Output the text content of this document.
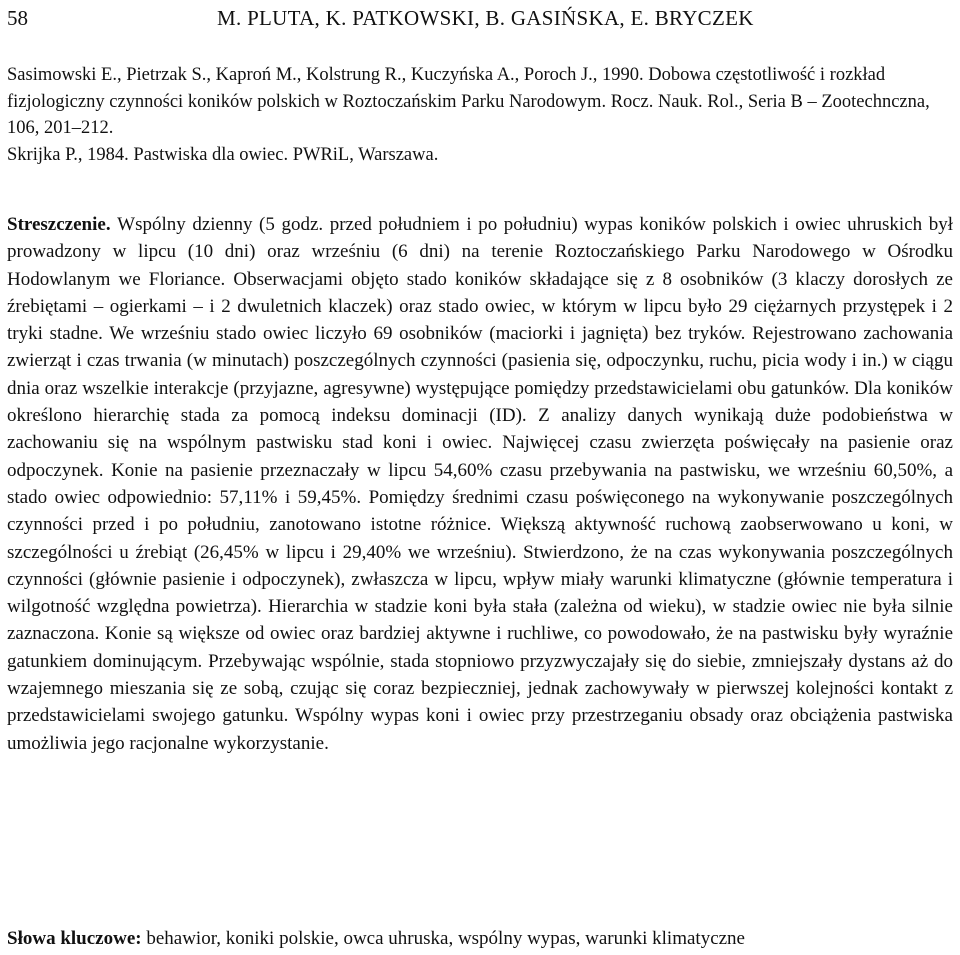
58	M. PLUTA, K. PATKOWSKI, B. GASIŃSKA, E. BRYCZEK

Sasimowski E., Pietrzak S., Kaproń M., Kolstrung R., Kuczyńska A., Poroch J., 1990. Dobowa częstotliwość i rozkład fizjologiczny czynności koników polskich w Roztoczańskim Parku Narodowym. Rocz. Nauk. Rol., Seria B – Zootechnczna, 106, 201–212.

Skrijka P., 1984. Pastwiska dla owiec. PWRiL, Warszawa.

Streszczenie. Wspólny dzienny (5 godz. przed południem i po południu) wypas koników polskich i owiec uhruskich był prowadzony w lipcu (10 dni) oraz wrześniu (6 dni) na terenie Roztoczańskiego Parku Narodowego w Ośrodku Hodowlanym we Floriance. Obserwacjami objęto stado koników składające się z 8 osobników (3 klaczy dorosłych ze źrebiętami – ogierkami – i 2 dwuletnich klaczek) oraz stado owiec, w którym w lipcu było 29 ciężarnych przystępek i 2 tryki stadne. We wrześniu stado owiec liczyło 69 osobników (maciorki i jagnięta) bez tryków. Rejestrowano zachowania zwierząt i czas trwania (w minutach) poszczególnych czynności (pasienia się, odpoczynku, ruchu, picia wody i in.) w ciągu dnia oraz wszelkie interakcje (przyjazne, agresywne) występujące pomiędzy przedstawicielami obu gatunków. Dla koników określono hierarchię stada za pomocą indeksu dominacji (ID). Z analizy danych wynikają duże podobieństwa w zachowaniu się na wspólnym pastwisku stad koni i owiec. Najwięcej czasu zwierzęta poświęcały na pasienie oraz odpoczynek. Konie na pasienie przeznaczały w lipcu 54,60% czasu przebywania na pastwisku, we wrześniu 60,50%, a stado owiec odpowiednio: 57,11% i 59,45%. Pomiędzy średnimi czasu poświęconego na wykonywanie poszczególnych czynności przed i po południu, zanotowano istotne różnice. Większą aktywność ruchową zaobserwowano u koni, w szczególności u źrebiąt (26,45% w lipcu i 29,40% we wrześniu). Stwierdzono, że na czas wykonywania poszczególnych czynności (głównie pasienie i odpoczynek), zwłaszcza w lipcu, wpływ miały warunki klimatyczne (głównie temperatura i wilgotność względna powietrza). Hierarchia w stadzie koni była stała (zależna od wieku), w stadzie owiec nie była silnie zaznaczona. Konie są większe od owiec oraz bardziej aktywne i ruchliwe, co powodowało, że na pastwisku były wyraźnie gatunkiem dominującym. Przebywając wspólnie, stada stopniowo przyzwyczajały się do siebie, zmniejszały dystans aż do wzajemnego mieszania się ze sobą, czując się coraz bezpieczniej, jednak zachowywały w pierwszej kolejności kontakt z przedstawicielami swojego gatunku. Wspólny wypas koni i owiec przy przestrzeganiu obsady oraz obciążenia pastwiska umożliwia jego racjonalne wykorzystanie.
Słowa kluczowe: behawior, koniki polskie, owca uhruska, wspólny wypas, warunki klimatyczne
